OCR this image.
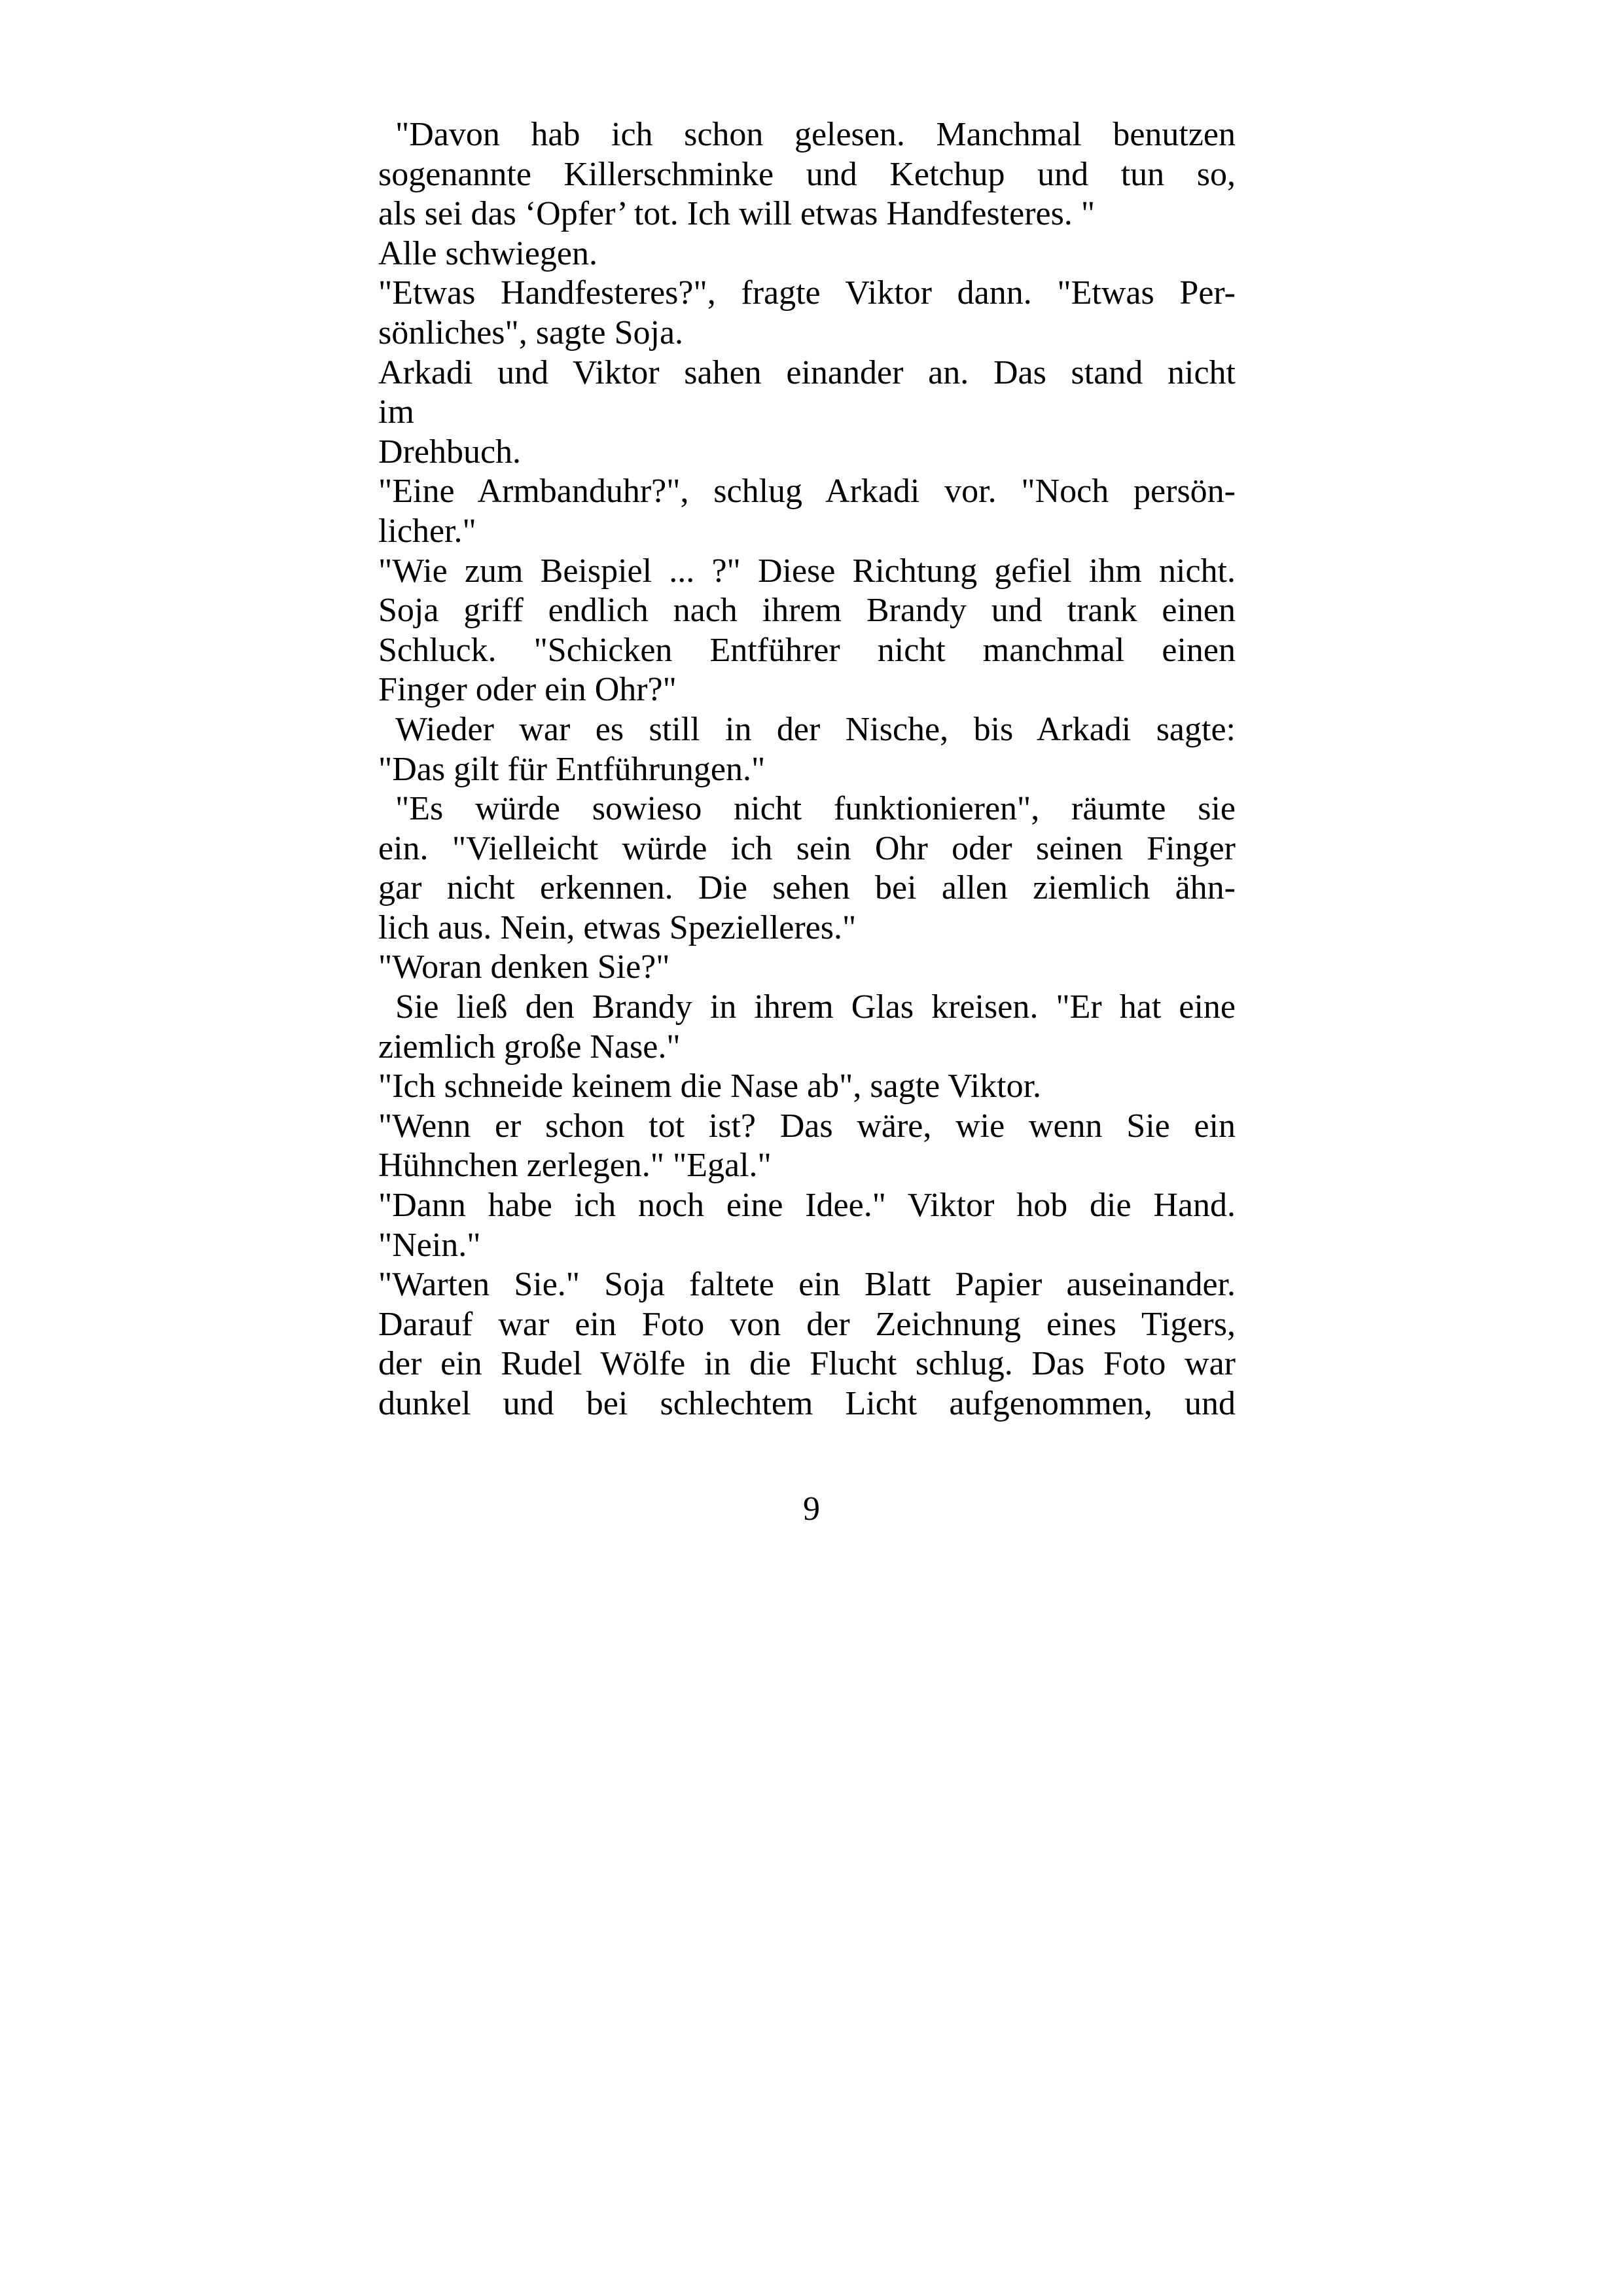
"Davon hab ich schon gelesen. Manchmal benutzen
sogenannte Killerschminke und Ketchup und tun so,
als sei das ‘Opfer’ tot. Ich will etwas Handfesteres. "
Alle schwiegen.
"Etwas Handfesteres?", fragte Viktor dann. "Etwas Per-
sönliches", sagte Soja.
Arkadi und Viktor sahen einander an. Das stand nicht
im
Drehbuch.
"Eine Armbanduhr?", schlug Arkadi vor. "Noch persön-
licher."
"Wie zum Beispiel ... ?" Diese Richtung gefiel ihm nicht.
Soja griff endlich nach ihrem Brandy und trank einen
Schluck. "Schicken Entführer nicht manchmal einen
Finger oder ein Ohr?"
Wieder war es still in der Nische, bis Arkadi sagte:
"Das gilt für Entführungen."
"Es würde sowieso nicht funktionieren", räumte sie
ein. "Vielleicht würde ich sein Ohr oder seinen Finger
gar nicht erkennen. Die sehen bei allen ziemlich ähn-
lich aus. Nein, etwas Spezielleres."
"Woran denken Sie?"
Sie ließ den Brandy in ihrem Glas kreisen. "Er hat eine
ziemlich große Nase."
"Ich schneide keinem die Nase ab", sagte Viktor.
"Wenn er schon tot ist? Das wäre, wie wenn Sie ein
Hühnchen zerlegen." "Egal."
"Dann habe ich noch eine Idee." Viktor hob die Hand.
"Nein."
"Warten Sie." Soja faltete ein Blatt Papier auseinander.
Darauf war ein Foto von der Zeichnung eines Tigers,
der ein Rudel Wölfe in die Flucht schlug. Das Foto war
dunkel und bei schlechtem Licht aufgenommen, und
9
